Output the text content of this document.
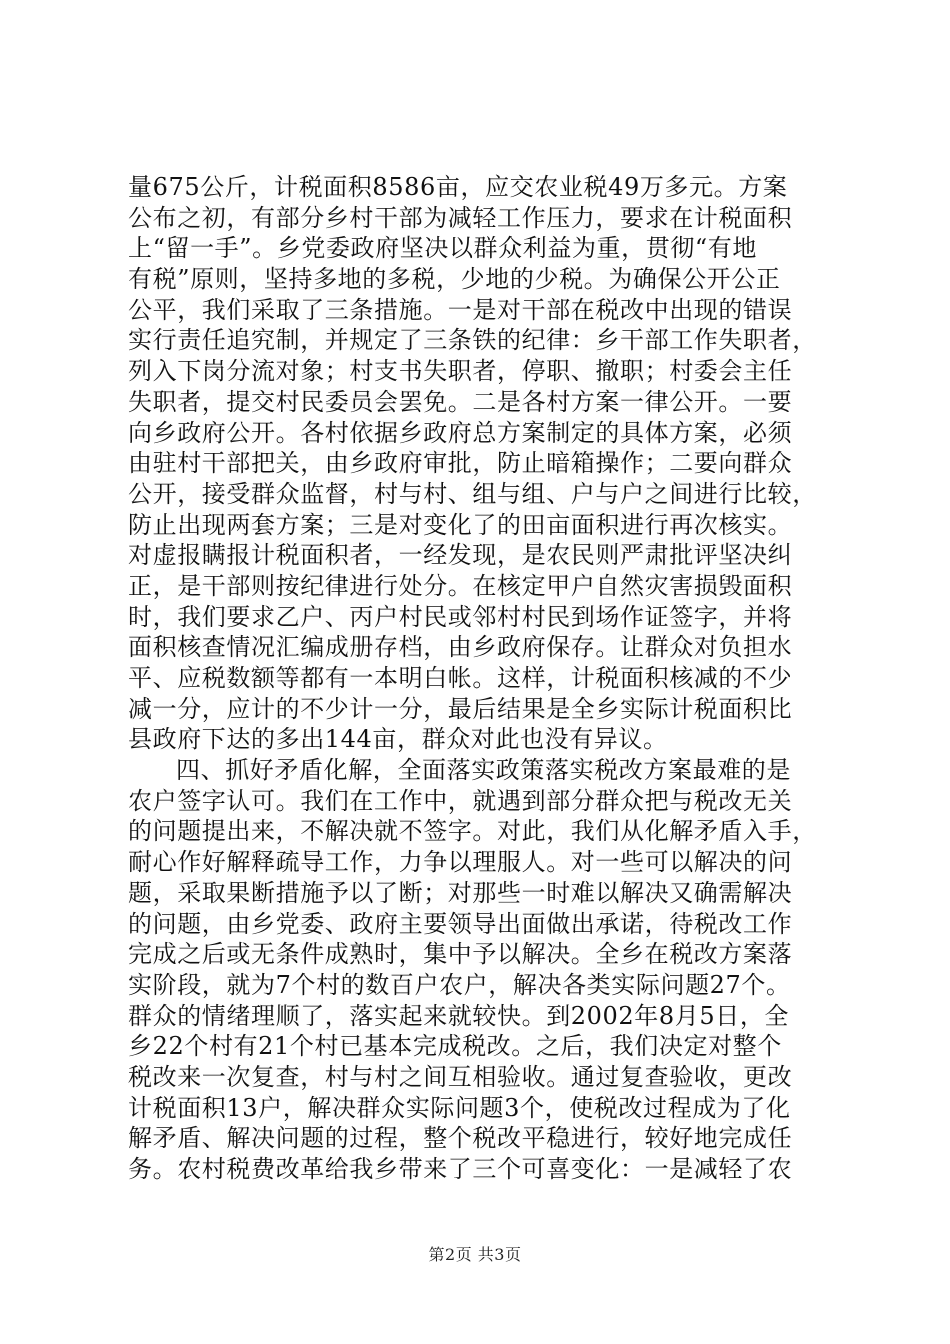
量675公斤，计税面积8586亩，应交农业税49万多元。方案
公布之初，有部分乡村干部为减轻工作压力，要求在计税面积
上“留一手”。乡党委政府坚决以群众利益为重，贯彻“有地
有税”原则，坚持多地的多税，少地的少税。为确保公开公正
公平，我们采取了三条措施。一是对干部在税改中出现的错误
实行责任追究制，并规定了三条铁的纪律：乡干部工作失职者，
列入下岗分流对象；村支书失职者，停职、撤职；村委会主任
失职者，提交村民委员会罢免。二是各村方案一律公开。一要
向乡政府公开。各村依据乡政府总方案制定的具体方案，必须
由驻村干部把关，由乡政府审批，防止暗箱操作；二要向群众
公开，接受群众监督，村与村、组与组、户与户之间进行比较，
防止出现两套方案；三是对变化了的田亩面积进行再次核实。
对虚报瞒报计税面积者，一经发现，是农民则严肃批评坚决纠
正，是干部则按纪律进行处分。在核定甲户自然灾害损毁面积
时，我们要求乙户、丙户村民或邻村村民到场作证签字，并将
面积核查情况汇编成册存档，由乡政府保存。让群众对负担水
平、应税数额等都有一本明白帐。这样，计税面积核减的不少
减一分，应计的不少计一分，最后结果是全乡实际计税面积比
县政府下达的多出144亩，群众对此也没有异议。
四、抓好矛盾化解，全面落实政策落实税改方案最难的是
农户签字认可。我们在工作中，就遇到部分群众把与税改无关
的问题提出来，不解决就不签字。对此，我们从化解矛盾入手，
耐心作好解释疏导工作，力争以理服人。对一些可以解决的问
题，采取果断措施予以了断；对那些一时难以解决又确需解决
的问题，由乡党委、政府主要领导出面做出承诺，待税改工作
完成之后或无条件成熟时，集中予以解决。全乡在税改方案落
实阶段，就为7个村的数百户农户，解决各类实际问题27个。
群众的情绪理顺了，落实起来就较快。到2002年8月5日，全
乡22个村有21个村已基本完成税改。之后，我们决定对整个
税改来一次复查，村与村之间互相验收。通过复查验收，更改
计税面积13户，解决群众实际问题3个，使税改过程成为了化
解矛盾、解决问题的过程，整个税改平稳进行，较好地完成任
务。农村税费改革给我乡带来了三个可喜变化：一是减轻了农
第2页 共3页
